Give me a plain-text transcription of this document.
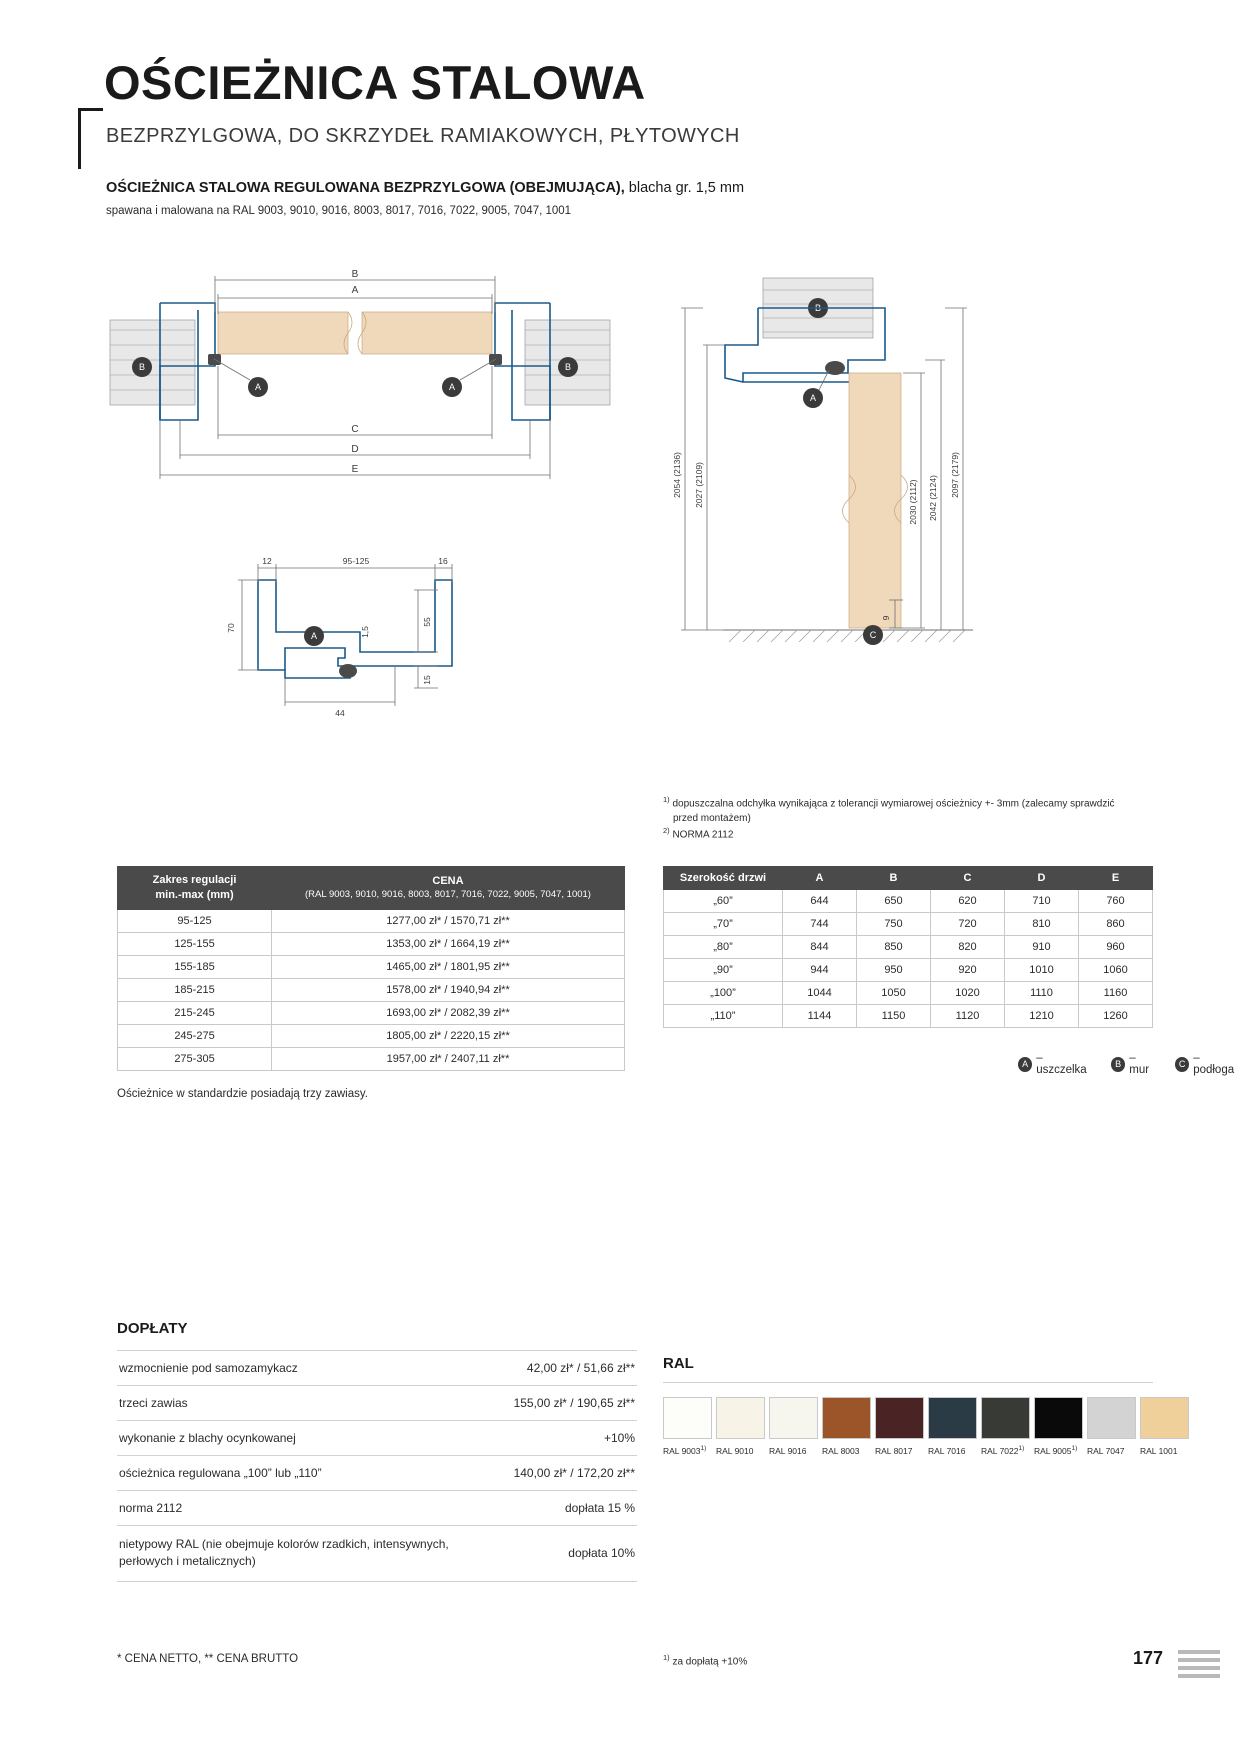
OŚCIEŻNICA STALOWA
BEZPRZYLGOWA, DO SKRZYDEŁ RAMIAKOWYCH, PŁYTOWYCH
OŚCIEŻNICA STALOWA REGULOWANA BEZPRZYLGOWA (OBEJMUJĄCA), blacha gr. 1,5 mm
spawana i malowana na RAL 9003, 9010, 9016, 8003, 8017, 7016, 7022, 9005, 7047, 1001
B	B
A	A
B
A
C
D
E
A
12	95-125	16
70
55
15
1,5
44
B
A
C
2054 (2136) 2027 (2109)	2030 (2112) 2042 (2124)
2097 (2179)
9
$^{1)}$ dopuszczalna odchyłka wynikająca z tolerancji wymiarowej ościeżnicy +- 3mm (zalecamy sprawdzić
przed montażem)
$^{2)}$ NORMA 2112
Zakres regulacji
min.-max (mm)	CENA
(RAL 9003, 9010, 9016, 8003, 8017, 7016, 7022, 9005, 7047, 1001)

95-125	1277,00 zł* / 1570,71 zł**
125-155	1353,00 zł* / 1664,19 zł**
155-185	1465,00 zł* / 1801,95 zł**
185-215	1578,00 zł* / 1940,94 zł**
215-245	1693,00 zł* / 2082,39 zł**
245-275	1805,00 zł* / 2220,15 zł**
275-305	1957,00 zł* / 2407,11 zł**
Ościeżnice w standardzie posiadają trzy zawiasy.
Szerokość drzwi	A	B	C	D	E
„60”	644	650	620	710	760
„70”	744	750	720	810	860
„80”	844	850	820	910	960
„90”	944	950	920	1010	1060
„100”	1044	1050	1020	1110	1160
„110”	1144	1150	1120	1210	1260
A – uszczelka	B – mur	C – podłoga
DOPŁATY
wzmocnienie pod samozamykacz	42,00 zł* / 51,66 zł**
trzeci zawias	155,00 zł* / 190,65 zł**
wykonanie z blachy ocynkowanej	+10%
ościeżnica regulowana „100” lub „110”	140,00 zł* / 172,20 zł**
norma 2112	dopłata 15 %
nietypowy RAL (nie obejmuje kolorów rzadkich, intensywnych, perłowych i metalicznych)	dopłata 10%
RAL
RAL 9003$^{1)}$	RAL 9010	RAL 9016	RAL 8003	RAL 8017	RAL 7016	RAL 7022$^{1)}$	RAL 9005$^{1)}$	RAL 7047	RAL 1001
* CENA NETTO, ** CENA BRUTTO	$^{1)}$ za dopłatą +10%	177
